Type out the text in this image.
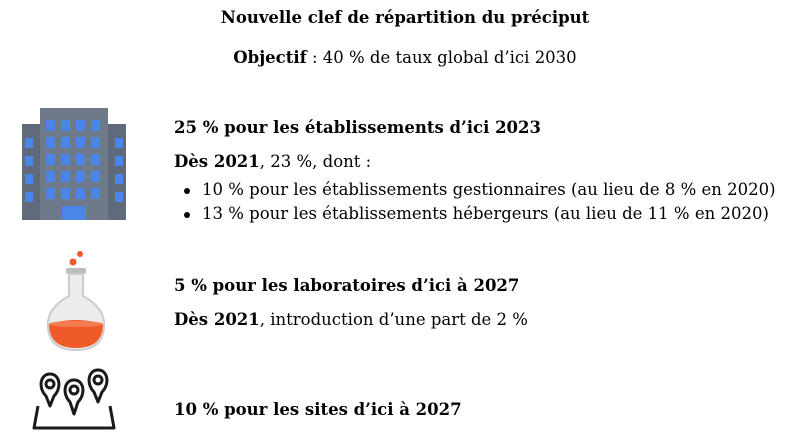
Nouvelle clef de répartition du préciput
Objectif : 40 % de taux global d’ici 2030
25 % pour les établissements d’ici 2023
Dès 2021, 23 %, dont :
10 % pour les établissements gestionnaires (au lieu de 8 % en 2020)
13 % pour les établissements hébergeurs (au lieu de 11 % en 2020)
5 % pour les laboratoires d’ici à 2027
Dès 2021, introduction d’une part de 2 %
10 % pour les sites d’ici à 2027
